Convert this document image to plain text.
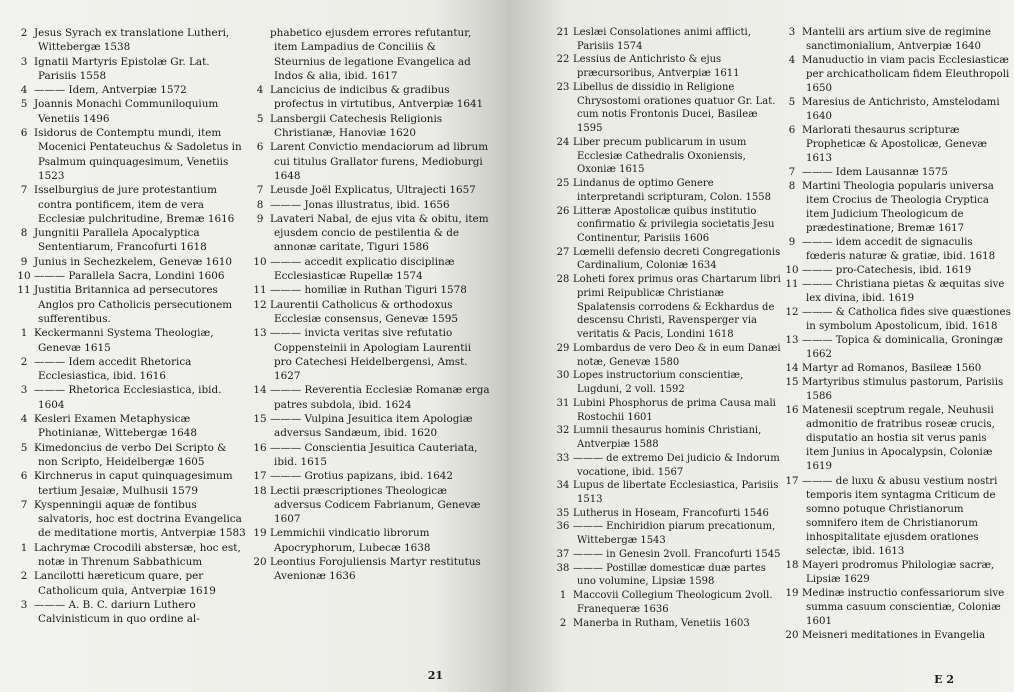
2 Jesus Syrach ex translatione Lutheri, Wittebergæ 1538

3 Ignatii Martyris Epistolæ Gr. Lat. Parisiis 1558

4 ——— Idem, Antverpiæ 1572

5 Joannis Monachi Communiloquium Venetiis 1496

6 Isidorus de Contemptu mundi, item Mocenici Pentateuchus & Sadoletus in Psalmum quinquagesimum, Venetiis 1523

7 Isselburgius de jure protestantium contra pontificem, item de vera Ecclesiæ pulchritudine, Bremæ 1616

8 Jungnitii Parallela Apocalyptica Sententiarum, Francofurti 1618

9 Junius in Sechezkelem, Genevæ 1610

10 ——— Parallela Sacra, Londini 1606

11 Justitia Britannica ad persecutores Anglos pro Catholicis persecutionem sufferentibus.

1 Keckermanni Systema Theologiæ, Genevæ 1615

2 ——— Idem accedit Rhetorica Ecclesiastica, ibid. 1616

3 ——— Rhetorica Ecclesiastica, ibid. 1604

4 Kesleri Examen Metaphysicæ Photinianæ, Wittebergæ 1648

5 Kimedoncius de verbo Dei Scripto & non Scripto, Heidelbergæ 1605

6 Kirchnerus in caput quinquagesimum tertium Jesaiæ, Mulhusii 1579

7 Kyspenningii aquæ de fontibus salvatoris, hoc est doctrina Evangelica de meditatione mortis, Antverpiæ 1583

1 Lachrymæ Crocodili abstersæ, hoc est, notæ in Threnum Sabbathicum

2 Lancilotti hæreticum quare, per Catholicum quia, Antverpiæ 1619

3 ——— A. B. C. dariurn Luthero Calvinisticum in quo ordine al-

phabetico ejusdem errores refutantur, item Lampadius de Conciliis & Steurnius de legatione Evangelica ad Indos & alia, ibid. 1617

4 Lancicius de indicibus & gradibus profectus in virtutibus, Antverpiæ 1641

5 Lansbergii Catechesis Religionis Christianæ, Hanoviæ 1620

6 Larent Convictio mendaciorum ad librum cui titulus Grallator furens, Medioburgi 1648

7 Leusde Joël Explicatus, Ultrajecti 1657

8 ——— Jonas illustratus, ibid. 1656

9 Lavateri Nabal, de ejus vita & obitu, item ejusdem concio de pestilentia & de annonæ caritate, Tiguri 1586

10 ——— accedit explicatio disciplinæ Ecclesiasticæ Rupellæ 1574

11 ——— homiliæ in Ruthan Tiguri 1578

12 Laurentii Catholicus & orthodoxus Ecclesiæ consensus, Genevæ 1595

13 ——— invicta veritas sive refutatio Coppensteinii in Apologiam Laurentii pro Catechesi Heidelbergensi, Amst. 1627

14 ——— Reverentia Ecclesiæ Romanæ erga patres subdola, ibid. 1624

15 ——— Vulpina Jesuitica item Apologiæ adversus Sandæum, ibid. 1620

16 ——— Conscientia Jesuitica Cauteriata, ibid. 1615

17 ——— Grotius papizans, ibid. 1642

18 Lectii præscriptiones Theologicæ adversus Codicem Fabrianum, Genevæ 1607

19 Lemmichii vindicatio librorum Apocryphorum, Lubecæ 1638

20 Leontius Forojuliensis Martyr restitutus Avenionæ 1636

21

21 Leslæi Consolationes animi afflicti, Parisiis 1574

22 Lessius de Antichristo & ejus præcursoribus, Antverpiæ 1611

23 Libellus de dissidio in Religione Chrysostomi orationes quatuor Gr. Lat. cum notis Frontonis Ducei, Basileæ 1595

24 Liber precum publicarum in usum Ecclesiæ Cathedralis Oxoniensis, Oxoniæ 1615

25 Lindanus de optimo Genere interpretandi scripturam, Colon. 1558

26 Litteræ Apostolicæ quibus institutio confirmatio & privilegia societatis Jesu Continentur, Parisiis 1606

27 Lœmelii defensio decreti Congregationis Cardinalium, Coloniæ 1634

28 Loheti forex primus oras Chartarum libri primi Reipublicæ Christianæ Spalatensis corrodens & Eckhardus de descensu Christi, Ravensperger via veritatis & Pacis, Londini 1618

29 Lombardus de vero Deo & in eum Danæi notæ, Genevæ 1580

30 Lopes instructorium conscientiæ, Lugduni, 2 voll. 1592

31 Lubini Phosphorus de prima Causa mali Rostochii 1601

32 Lumnii thesaurus hominis Christiani, Antverpiæ 1588

33 ——— de extremo Dei judicio & Indorum vocatione, ibid. 1567

34 Lupus de libertate Ecclesiastica, Parisiis 1513

35 Lutherus in Hoseam, Francofurti 1546

36 ——— Enchiridion piarum precationum, Wittebergæ 1543

37 ——— in Genesin 2voll. Francofurti 1545

38 ——— Postillæ domesticæ duæ partes uno volumine, Lipsiæ 1598

1 Maccovii Collegium Theologicum 2voll. Franequeræ 1636

2 Manerba in Rutham, Venetiis 1603

3 Mantelii ars artium sive de regimine sanctimonialium, Antverpiæ 1640

4 Manuductio in viam pacis Ecclesiasticæ per archicatholicam fidem Eleuthropoli 1650

5 Maresius de Antichristo, Amstelodami 1640

6 Marlorati thesaurus scripturæ Propheticæ & Apostolicæ, Genevæ 1613

7 ——— Idem Lausannæ 1575

8 Martini Theologia popularis universa item Crocius de Theologia Cryptica item Judicium Theologicum de prædestinatione, Bremæ 1617

9 ——— idem accedit de signaculis fœderis naturæ & gratiæ, ibid. 1618

10 ——— pro-Catechesis, ibid. 1619

11 ——— Christiana pietas & æquitas sive lex divina, ibid. 1619

12 ——— & Catholica fides sive quæstiones in symbolum Apostolicum, ibid. 1618

13 ——— Topica & dominicalia, Groningæ 1662

14 Martyr ad Romanos, Basileæ 1560

15 Martyribus stimulus pastorum, Parisiis 1586

16 Matenesii sceptrum regale, Neuhusii admonitio de fratribus roseæ crucis, disputatio an hostia sit verus panis item Junius in Apocalypsin, Coloniæ 1619

17 ——— de luxu & abusu vestium nostri temporis item syntagma Criticum de somno potuque Christianorum somnifero item de Christianorum inhospitalitate ejusdem orationes selectæ, ibid. 1613

18 Mayeri prodromus Philologiæ sacræ, Lipsiæ 1629

19 Medinæ instructio confessariorum sive summa casuum conscientiæ, Coloniæ 1601

20 Meisneri meditationes in Evangelia

E 2
